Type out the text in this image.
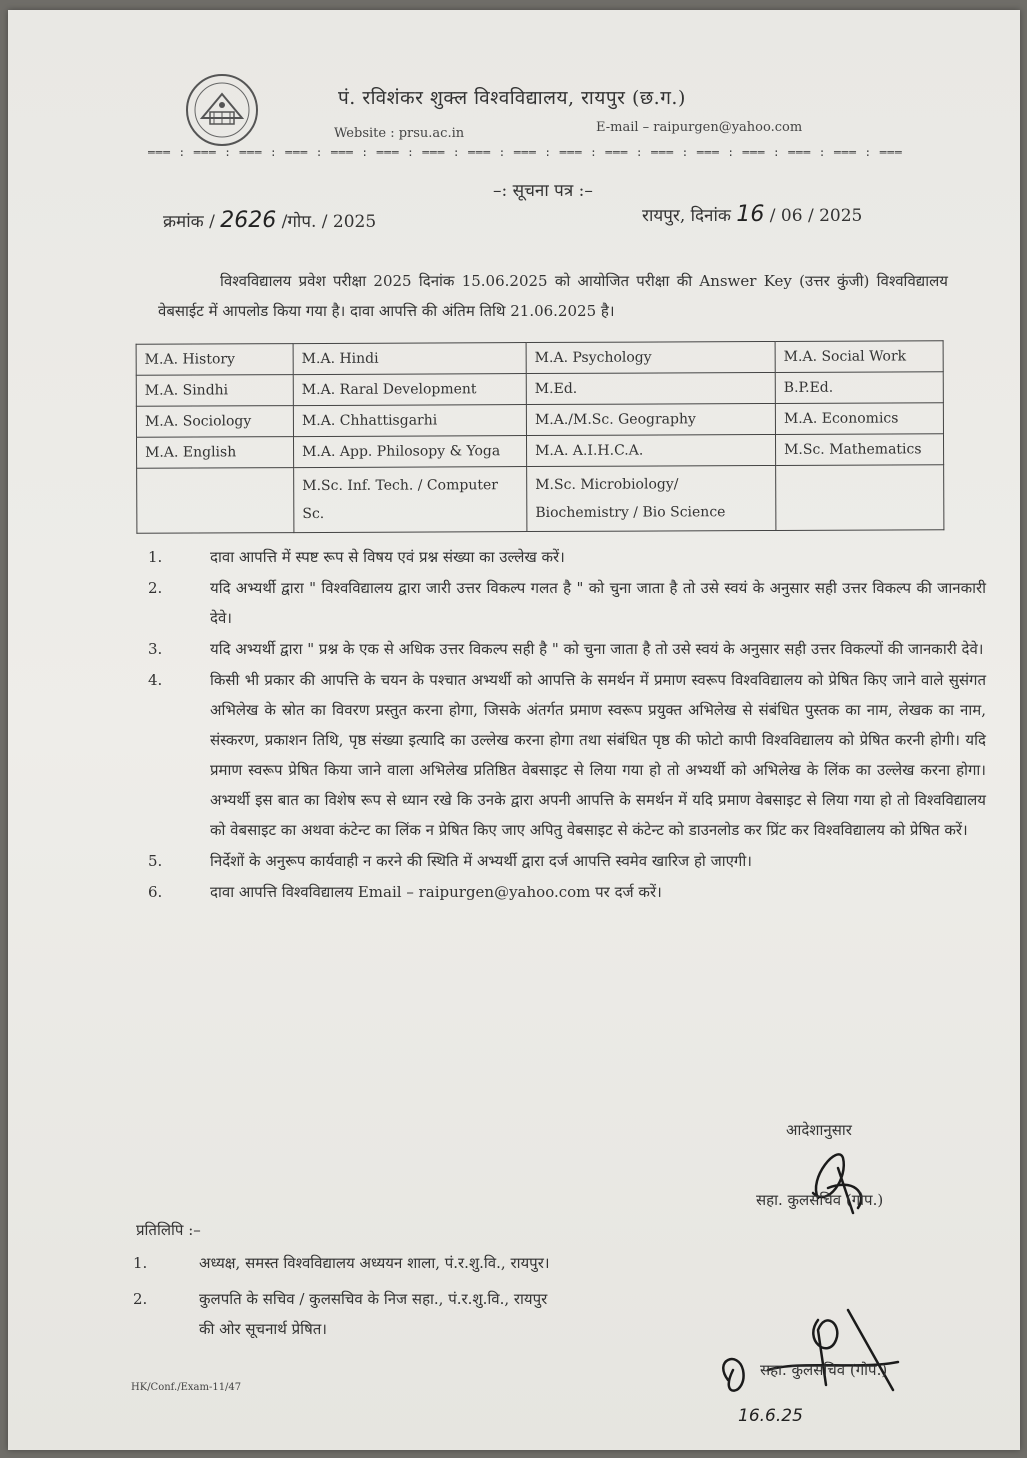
पं. रविशंकर शुक्ल विश्वविद्यालय, रायपुर (छ.ग.)
Website : prsu.ac.in	E-mail – raipurgen@yahoo.com
═══ : ═══ : ═══ : ═══ : ═══ : ═══ : ═══ : ═══ : ═══ : ═══ : ═══ : ═══ : ═══ : ═══ : ═══ : ═══ : ═══
–: सूचना पत्र :–
क्रमांक / 2626 /गोप. / 2025	रायपुर, दिनांक 16 / 06 / 2025
विश्वविद्यालय प्रवेश परीक्षा 2025 दिनांक 15.06.2025 को आयोजित परीक्षा की Answer Key (उत्तर कुंजी) विश्वविद्यालय वेबसाईट में आपलोड किया गया है। दावा आपत्ति की अंतिम तिथि 21.06.2025 है।
M.A. History	M.A. Hindi	M.A. Psychology	M.A. Social Work
M.A. Sindhi	M.A. Raral Development	M.Ed.	B.P.Ed.
M.A. Sociology	M.A. Chhattisgarhi	M.A./M.Sc. Geography	M.A. Economics
M.A. English	M.A. App. Philosopy & Yoga	M.A. A.I.H.C.A.	M.Sc. Mathematics
	M.Sc. Inf. Tech. / Computer Sc.	M.Sc. Microbiology/ Biochemistry / Bio Science	
1.	दावा आपत्ति में स्पष्ट रूप से विषय एवं प्रश्न संख्या का उल्लेख करें।
2.	यदि अभ्यर्थी द्वारा " विश्वविद्यालय द्वारा जारी उत्तर विकल्प गलत है " को चुना जाता है तो उसे स्वयं के अनुसार सही उत्तर विकल्प की जानकारी देवे।
3.	यदि अभ्यर्थी द्वारा " प्रश्न के एक से अधिक उत्तर विकल्प सही है " को चुना जाता है तो उसे स्वयं के अनुसार सही उत्तर विकल्पों की जानकारी देवे।
4.	किसी भी प्रकार की आपत्ति के चयन के पश्चात अभ्यर्थी को आपत्ति के समर्थन में प्रमाण स्वरूप विश्वविद्यालय को प्रेषित किए जाने वाले सुसंगत अभिलेख के स्रोत का विवरण प्रस्तुत करना होगा, जिसके अंतर्गत प्रमाण स्वरूप प्रयुक्त अभिलेख से संबंधित पुस्तक का नाम, लेखक का नाम, संस्करण, प्रकाशन तिथि, पृष्ठ संख्या इत्यादि का उल्लेख करना होगा तथा संबंधित पृष्ठ की फोटो कापी विश्वविद्यालय को प्रेषित करनी होगी। यदि प्रमाण स्वरूप प्रेषित किया जाने वाला अभिलेख प्रतिष्ठित वेबसाइट से लिया गया हो तो अभ्यर्थी को अभिलेख के लिंक का उल्लेख करना होगा। अभ्यर्थी इस बात का विशेष रूप से ध्यान रखे कि उनके द्वारा अपनी आपत्ति के समर्थन में यदि प्रमाण वेबसाइट से लिया गया हो तो विश्वविद्यालय को वेबसाइट का अथवा कंटेन्ट का लिंक न प्रेषित किए जाए अपितु वेबसाइट से कंटेन्ट को डाउनलोड कर प्रिंट कर विश्वविद्यालय को प्रेषित करें।
5.	निर्देशों के अनुरूप कार्यवाही न करने की स्थिति में अभ्यर्थी द्वारा दर्ज आपत्ति स्वमेव खारिज हो जाएगी।
6.	दावा आपत्ति विश्वविद्यालय Email – raipurgen@yahoo.com पर दर्ज करें।
आदेशानुसार
सहा. कुलसचिव (गोप.)
प्रतिलिपि :–
1.	अध्यक्ष, समस्त विश्वविद्यालय अध्ययन शाला, पं.र.शु.वि., रायपुर।
2.	कुलपति के सचिव / कुलसचिव के निज सहा., पं.र.शु.वि., रायपुर
की ओर सूचनार्थ प्रेषित।
सहा. कुलसचिव (गोप.)
HK/Conf./Exam-11/47
16.6.25
